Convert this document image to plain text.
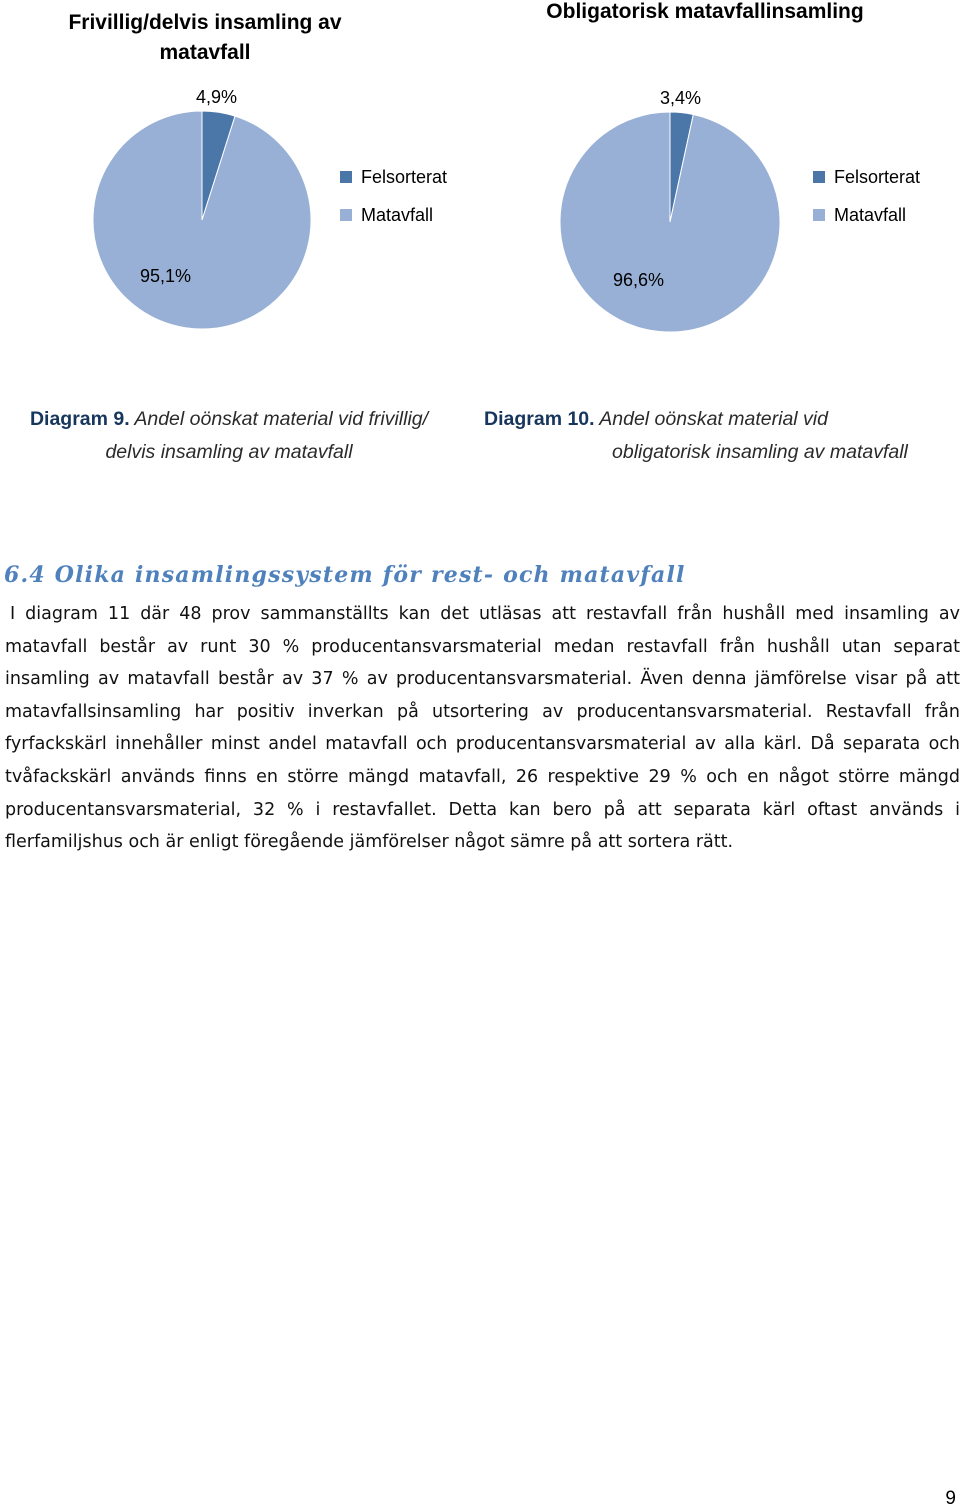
Frivillig/delvis insamling av matavfall
4,9%
95,1%
Felsorterat
Matavfall
Obligatorisk matavfallinsamling
3,4%
96,6%
Felsorterat
Matavfall
Diagram 9. Andel oönskat material vid frivillig/
delvis insamling av matavfall
Diagram 10. Andel oönskat material vid
obligatorisk insamling av matavfall
6.4 Olika insamlingssystem för rest- och matavfall

I diagram 11 där 48 prov sammanställts kan det utläsas att restavfall från hushåll med insamling av matavfall består av runt 30 % producentansvarsmaterial medan restavfall från hushåll utan separat insamling av matavfall består av 37 % av producentansvarsmaterial. Även denna jämförelse visar på att matavfallsinsamling har positiv inverkan på utsortering av producentansvarsmaterial. Restavfall från fyrfackskärl innehåller minst andel matavfall och producentansvarsmaterial av alla kärl. Då separata och tvåfackskärl används finns en större mängd matavfall, 26 respektive 29 % och en något större mängd producentansvarsmaterial, 32 % i restavfallet. Detta kan bero på att separata kärl oftast används i flerfamiljshus och är enligt föregående jämförelser något sämre på att sortera rätt.

9
